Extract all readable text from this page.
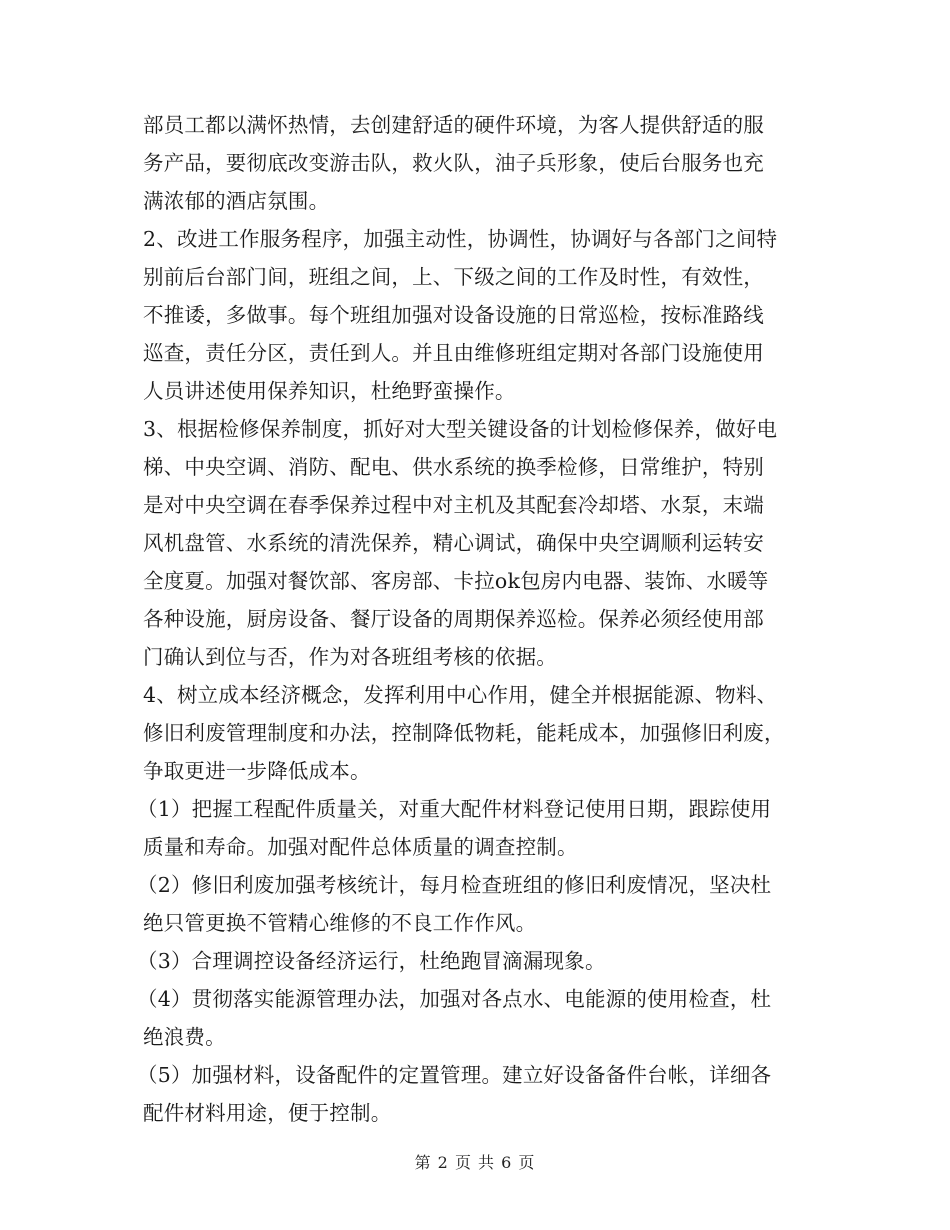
部员工都以满怀热情，去创建舒适的硬件环境，为客人提供舒适的服
务产品，要彻底改变游击队，救火队，油子兵形象，使后台服务也充
满浓郁的酒店氛围。
2、改进工作服务程序，加强主动性，协调性，协调好与各部门之间特
别前后台部门间，班组之间，上、下级之间的工作及时性，有效性，
不推诿，多做事。每个班组加强对设备设施的日常巡检，按标准路线
巡查，责任分区，责任到人。并且由维修班组定期对各部门设施使用
人员讲述使用保养知识，杜绝野蛮操作。
3、根据检修保养制度，抓好对大型关键设备的计划检修保养，做好电
梯、中央空调、消防、配电、供水系统的换季检修，日常维护，特别
是对中央空调在春季保养过程中对主机及其配套冷却塔、水泵，末端
风机盘管、水系统的清洗保养，精心调试，确保中央空调顺利运转安
全度夏。加强对餐饮部、客房部、卡拉ok包房内电器、装饰、水暖等
各种设施，厨房设备、餐厅设备的周期保养巡检。保养必须经使用部
门确认到位与否，作为对各班组考核的依据。
4、树立成本经济概念，发挥利用中心作用，健全并根据能源、物料、
修旧利废管理制度和办法，控制降低物耗，能耗成本，加强修旧利废，
争取更进一步降低成本。
（1）把握工程配件质量关，对重大配件材料登记使用日期，跟踪使用
质量和寿命。加强对配件总体质量的调查控制。
（2）修旧利废加强考核统计，每月检查班组的修旧利废情况，坚决杜
绝只管更换不管精心维修的不良工作作风。
（3）合理调控设备经济运行，杜绝跑冒滴漏现象。
（4）贯彻落实能源管理办法，加强对各点水、电能源的使用检查，杜
绝浪费。
（5）加强材料，设备配件的定置管理。建立好设备备件台帐，详细各
配件材料用途，便于控制。
第 2 页 共 6 页
